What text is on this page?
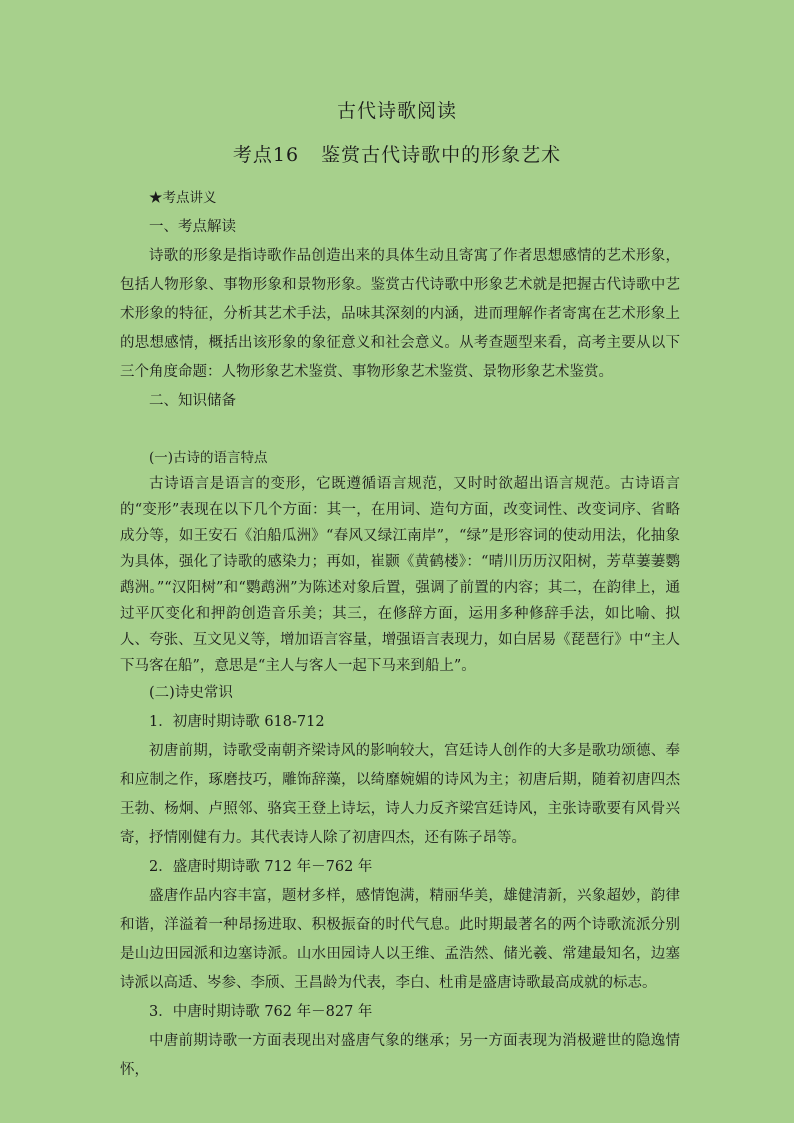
古代诗歌阅读
考点16 鉴赏古代诗歌中的形象艺术

★考点讲义

一、考点解读

诗歌的形象是指诗歌作品创造出来的具体生动且寄寓了作者思想感情的艺术形象，包括人物形象、事物形象和景物形象。鉴赏古代诗歌中形象艺术就是把握古代诗歌中艺术形象的特征，分析其艺术手法，品味其深刻的内涵，进而理解作者寄寓在艺术形象上的思想感情，概括出该形象的象征意义和社会意义。从考查题型来看，高考主要从以下三个角度命题：人物形象艺术鉴赏、事物形象艺术鉴赏、景物形象艺术鉴赏。

二、知识储备

(一)古诗的语言特点

古诗语言是语言的变形，它既遵循语言规范，又时时欲超出语言规范。古诗语言的“变形”表现在以下几个方面：其一，在用词、造句方面，改变词性、改变词序、省略成分等，如王安石《泊船瓜洲》“春风又绿江南岸”，“绿”是形容词的使动用法，化抽象为具体，强化了诗歌的感染力；再如，崔颢《黄鹤楼》：“晴川历历汉阳树，芳草萋萋鹦鹉洲。”“汉阳树”和“鹦鹉洲”为陈述对象后置，强调了前置的内容；其二，在韵律上，通过平仄变化和押韵创造音乐美；其三，在修辞方面，运用多种修辞手法，如比喻、拟人、夸张、互文见义等，增加语言容量，增强语言表现力，如白居易《琵琶行》中“主人下马客在船”，意思是“主人与客人一起下马来到船上”。

(二)诗史常识

1．初唐时期诗歌 618-712

初唐前期，诗歌受南朝齐梁诗风的影响较大，宫廷诗人创作的大多是歌功颂德、奉和应制之作，琢磨技巧，雕饰辞藻，以绮靡婉媚的诗风为主；初唐后期，随着初唐四杰王勃、杨炯、卢照邻、骆宾王登上诗坛，诗人力反齐梁宫廷诗风，主张诗歌要有风骨兴寄，抒情刚健有力。其代表诗人除了初唐四杰，还有陈子昂等。

2．盛唐时期诗歌 712 年－762 年

盛唐作品内容丰富，题材多样，感情饱满，精丽华美，雄健清新，兴象超妙，韵律和谐，洋溢着一种昂扬进取、积极振奋的时代气息。此时期最著名的两个诗歌流派分别是山边田园派和边塞诗派。山水田园诗人以王维、孟浩然、储光羲、常建最知名，边塞诗派以高适、岑参、李颀、王昌龄为代表，李白、杜甫是盛唐诗歌最高成就的标志。

3．中唐时期诗歌 762 年－827 年

中唐前期诗歌一方面表现出对盛唐气象的继承；另一方面表现为消极避世的隐逸情怀，
